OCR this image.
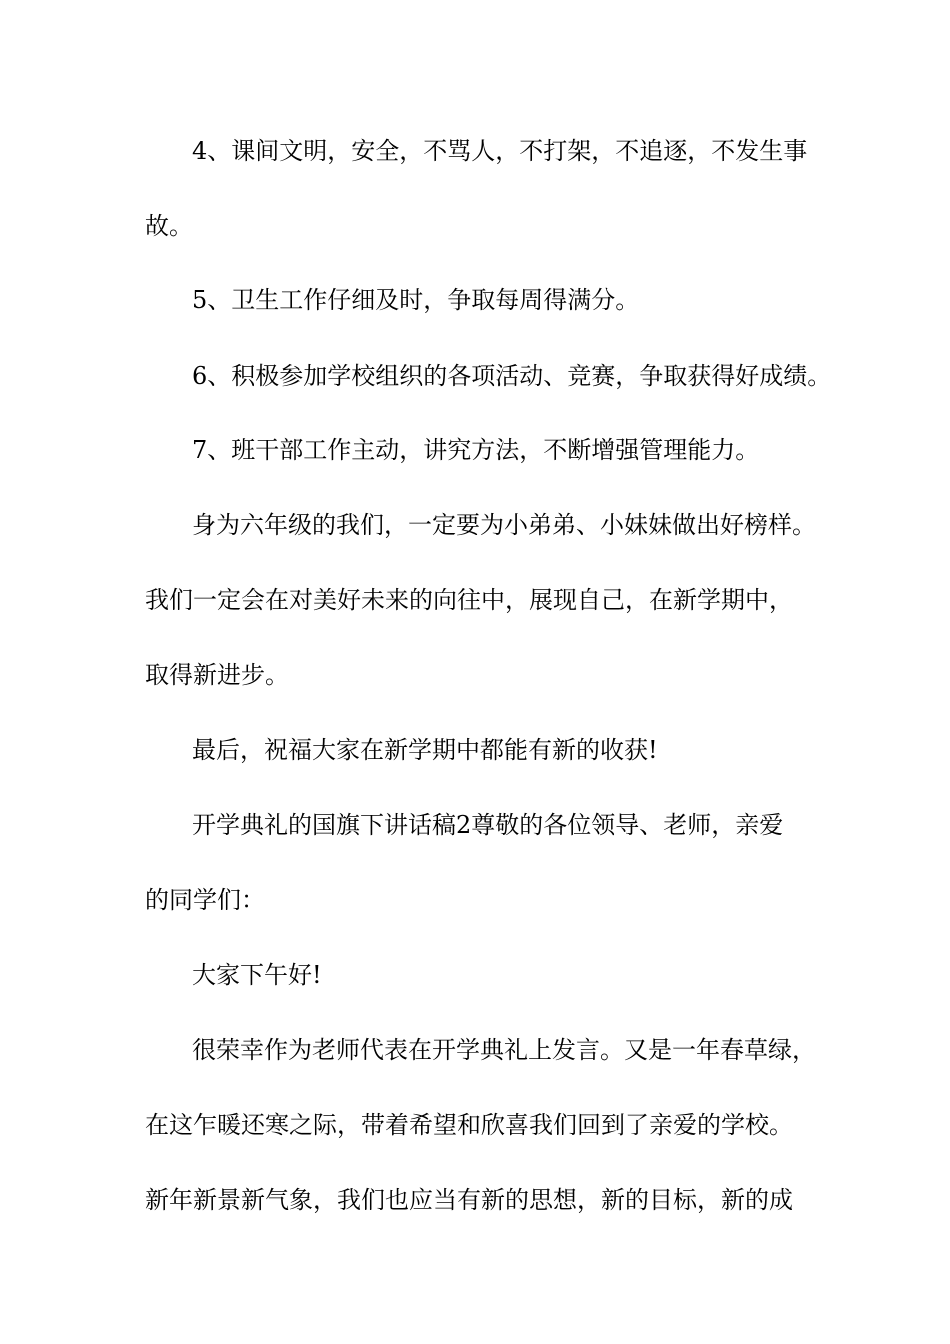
4、课间文明，安全，不骂人，不打架，不追逐，不发生事
故。
5、卫生工作仔细及时，争取每周得满分。
6、积极参加学校组织的各项活动、竞赛，争取获得好成绩。
7、班干部工作主动，讲究方法，不断增强管理能力。
身为六年级的我们，一定要为小弟弟、小妹妹做出好榜样。
我们一定会在对美好未来的向往中，展现自己，在新学期中，
取得新进步。
最后，祝福大家在新学期中都能有新的收获!
开学典礼的国旗下讲话稿2尊敬的各位领导、老师，亲爱
的同学们：
大家下午好!
很荣幸作为老师代表在开学典礼上发言。又是一年春草绿，
在这乍暖还寒之际，带着希望和欣喜我们回到了亲爱的学校。
新年新景新气象，我们也应当有新的思想，新的目标，新的成
